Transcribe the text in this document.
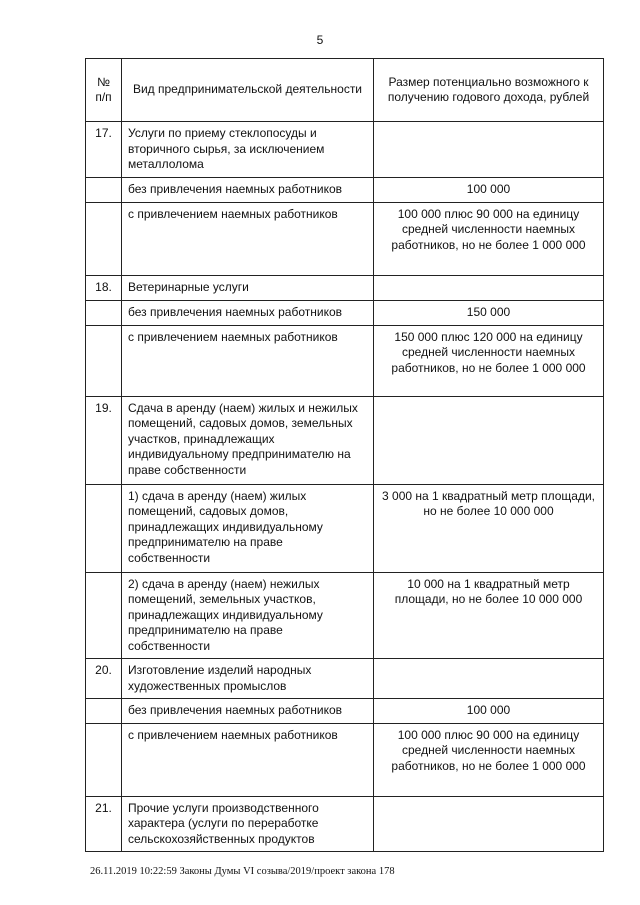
5
№ п/п	Вид предпринимательской деятельности	Размер потенциально возможного к получению годового дохода, рублей
17.	Услуги по приему стеклопосуды и вторичного сырья, за исключением металлолома	
	без привлечения наемных работников	100 000
	с привлечением наемных работников	100 000 плюс 90 000 на единицу средней численности наемных работников, но не более 1 000 000
18.	Ветеринарные услуги	
	без привлечения наемных работников	150 000
	с привлечением наемных работников	150 000 плюс 120 000 на единицу средней численности наемных работников, но не более 1 000 000
19.	Сдача в аренду (наем) жилых и нежилых помещений, садовых домов, земельных участков, принадлежащих индивидуальному предпринимателю на праве собственности	
	1) сдача в аренду (наем) жилых помещений, садовых домов, принадлежащих индивидуальному предпринимателю на праве собственности	3 000 на 1 квадратный метр площади, но не более 10 000 000
	2) сдача в аренду (наем) нежилых помещений, земельных участков, принадлежащих индивидуальному предпринимателю на праве собственности	10 000 на 1 квадратный метр площади, но не более 10 000 000
20.	Изготовление изделий народных художественных промыслов	
	без привлечения наемных работников	100 000
	с привлечением наемных работников	100 000 плюс 90 000 на единицу средней численности наемных работников, но не более 1 000 000
21.	Прочие услуги производственного характера (услуги по переработке сельскохозяйственных продуктов	
26.11.2019 10:22:59 Законы Думы VI созыва/2019/проект закона 178
